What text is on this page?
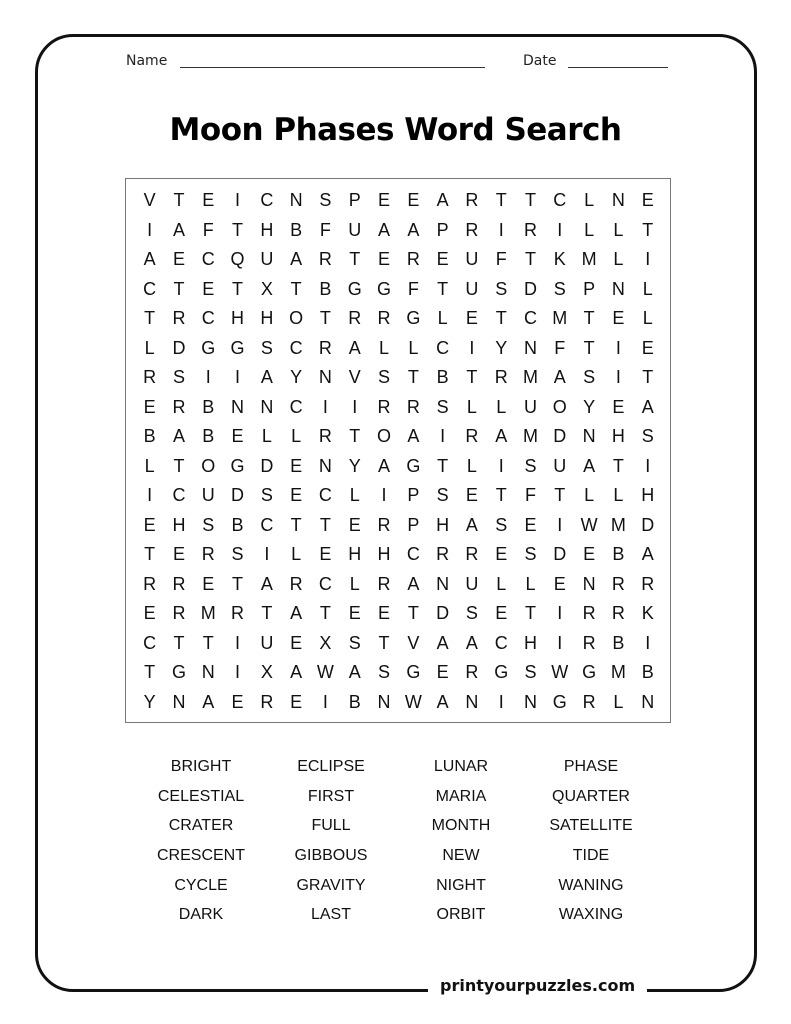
Name	Date
Moon Phases Word Search
V T E	I	C N S P E E A R T	T C L N E
I	A F	T H B F U A A P R	I	R	I	L	L	T
A E C Q U A R T E R E U F	T K M L	I
C T E T X T B G G F	T U S D S P N L
T R C H H O T R R G L	E T C M T E	L
L D G G S C R A	L	L C	I	Y N F	T	I	E
R S	I	I	A Y N V S T B T R M A S	I	T
E R B N N C	I	I	R R S	L	L U O Y E A
B A B E	L	L R T O A	I	R A M D N H S
L	T O G D E N Y A G T	L	I	S U A T	I
I	C U D S E C L	I	P S E T	F	T	L	L H
E H S B C T	T E R P H A S E	I	W M D
T E R S	I	L	E H H C R R E S D E B A
R R E T A R C L R A N U L	L	E N R R
E R M R T A T E E T D S E T	I	R R K
C T	T	I	U E X S T V A A C H	I	R B	I
T G N	I	X A W A S G E R G S W G M B
Y N A E R E	I	B N W A N	I	N G R L N
BRIGHT	ECLIPSE	LUNAR	PHASE
CELESTIAL	FIRST	MARIA	QUARTER
CRATER	FULL	MONTH	SATELLITE
CRESCENT	GIBBOUS	NEW	TIDE
CYCLE	GRAVITY	NIGHT	WANING
DARK	LAST	ORBIT	WAXING
printyourpuzzles.com
